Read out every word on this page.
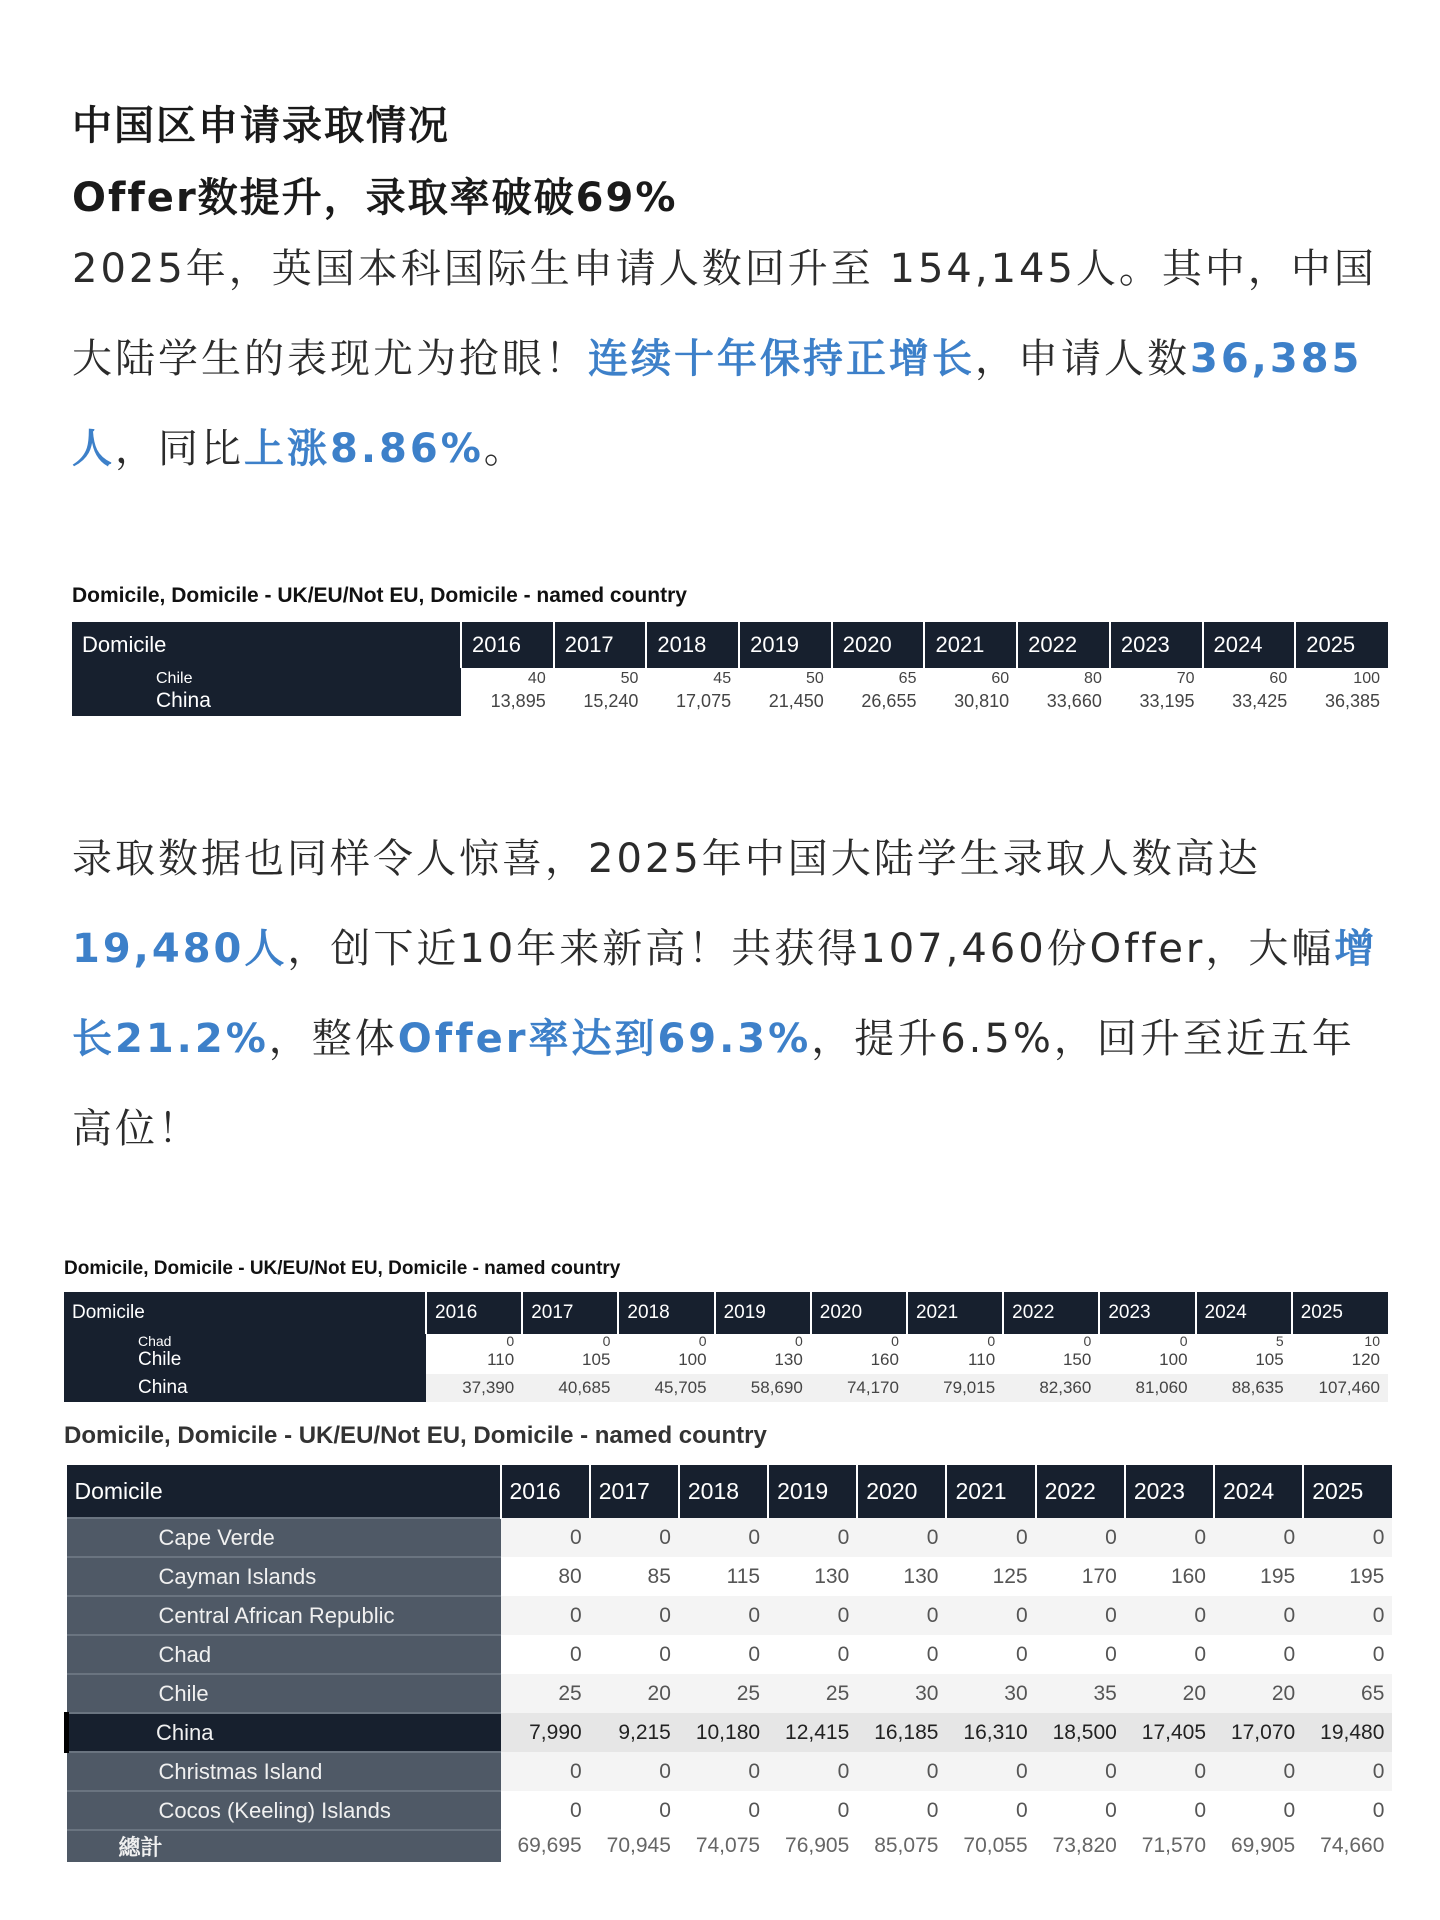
中国区申请录取情况
Offer数提升，录取率破破69%
2025年，英国本科国际生申请人数回升至 154,145人。其中，中国大陆学生的表现尤为抢眼！连续十年保持正增长，申请人数36,385人，同比上涨8.86%。
Domicile, Domicile - UK/EU/Not EU, Domicile - named country
Domicile	2016	2017	2018	2019	2020	2021	2022	2023	2024	2025
Chile	40	50	45	50	65	60	80	70	60	100
China	13,895	15,240	17,075	21,450	26,655	30,810	33,660	33,195	33,425	36,385
录取数据也同样令人惊喜，2025年中国大陆学生录取人数高达19,480人，创下近10年来新高！共获得107,460份Offer，大幅增长21.2%，整体Offer率达到69.3%，提升6.5%，回升至近五年高位！
Domicile, Domicile - UK/EU/Not EU, Domicile - named country
Domicile	2016	2017	2018	2019	2020	2021	2022	2023	2024	2025
Chad	0	0	0	0	0	0	0	0	5	10
Chile	110	105	100	130	160	110	150	100	105	120
China	37,390	40,685	45,705	58,690	74,170	79,015	82,360	81,060	88,635	107,460
Domicile, Domicile - UK/EU/Not EU, Domicile - named country
Domicile	2016	2017	2018	2019	2020	2021	2022	2023	2024	2025
Cape Verde	0	0	0	0	0	0	0	0	0	0
Cayman Islands	80	85	115	130	130	125	170	160	195	195
Central African Republic	0	0	0	0	0	0	0	0	0	0
Chad	0	0	0	0	0	0	0	0	0	0
Chile	25	20	25	25	30	30	35	20	20	65
China	7,990	9,215	10,180	12,415	16,185	16,310	18,500	17,405	17,070	19,480
Christmas Island	0	0	0	0	0	0	0	0	0	0
Cocos (Keeling) Islands	0	0	0	0	0	0	0	0	0	0
總計	69,695	70,945	74,075	76,905	85,075	70,055	73,820	71,570	69,905	74,660
